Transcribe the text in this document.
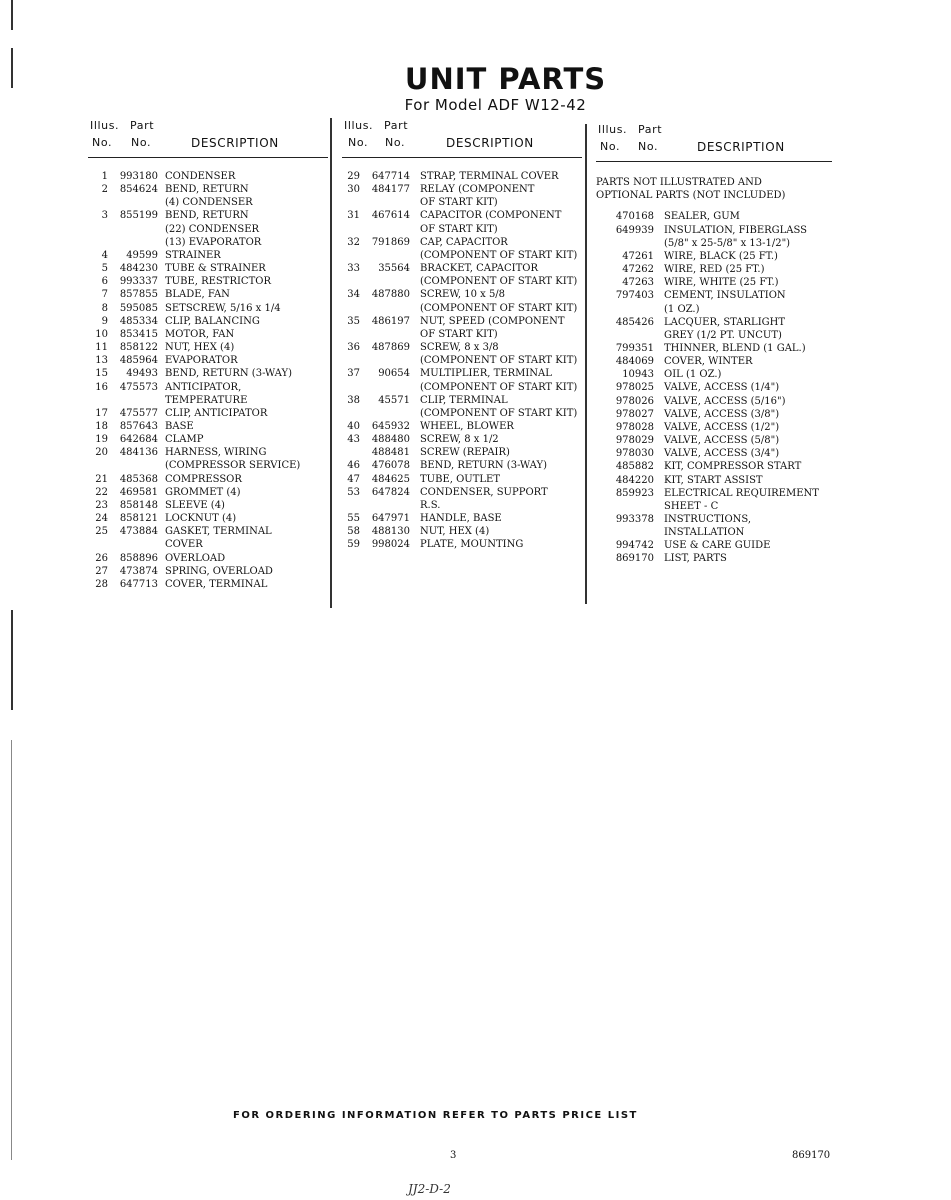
UNIT PARTS
For Model ADF W12-42
Illus. Part
No. No.	DESCRIPTION
1	993180 CONDENSER
2	854624 BEND, RETURN
(4) CONDENSER
3	855199 BEND, RETURN
(22) CONDENSER
(13) EVAPORATOR
4	49599 STRAINER
5	484230 TUBE & STRAINER
6	993337 TUBE, RESTRICTOR
7	857855 BLADE, FAN
8	595085 SETSCREW, 5/16 x 1/4
9	485334 CLIP, BALANCING
10	853415 MOTOR, FAN
11	858122 NUT, HEX (4)
13	485964 EVAPORATOR
15	49493 BEND, RETURN (3-WAY)
16	475573 ANTICIPATOR,
TEMPERATURE
17	475577 CLIP, ANTICIPATOR
18	857643 BASE
19	642684 CLAMP
20	484136 HARNESS, WIRING
(COMPRESSOR SERVICE)
21	485368 COMPRESSOR
22	469581 GROMMET (4)
23	858148 SLEEVE (4)
24	858121 LOCKNUT (4)
25	473884 GASKET, TERMINAL
COVER
26	858896 OVERLOAD
27	473874 SPRING, OVERLOAD
28	647713 COVER, TERMINAL
Illus. Part
No. No.	DESCRIPTION
29	647714 STRAP, TERMINAL COVER
30	484177 RELAY (COMPONENT
OF START KIT)
31	467614 CAPACITOR (COMPONENT
OF START KIT)
32	791869 CAP, CAPACITOR
(COMPONENT OF START KIT)
33	35564 BRACKET, CAPACITOR
(COMPONENT OF START KIT)
34	487880 SCREW, 10 x 5/8
(COMPONENT OF START KIT)
35	486197 NUT, SPEED (COMPONENT
OF START KIT)
36	487869 SCREW, 8 x 3/8
(COMPONENT OF START KIT)
37	90654 MULTIPLIER, TERMINAL
(COMPONENT OF START KIT)
38	45571 CLIP, TERMINAL
(COMPONENT OF START KIT)
40	645932 WHEEL, BLOWER
43	488480 SCREW, 8 x 1/2
488481 SCREW (REPAIR)
46	476078 BEND, RETURN (3-WAY)
47	484625 TUBE, OUTLET
53	647824 CONDENSER, SUPPORT
R.S.
55	647971 HANDLE, BASE
58	488130 NUT, HEX (4)
59	998024 PLATE, MOUNTING
Illus. Part
No. No.	DESCRIPTION
PARTS NOT ILLUSTRATED AND
OPTIONAL PARTS (NOT INCLUDED)
470168 SEALER, GUM
649939 INSULATION, FIBERGLASS
(5/8" x 25-5/8" x 13-1/2")
47261 WIRE, BLACK (25 FT.)
47262 WIRE, RED (25 FT.)
47263 WIRE, WHITE (25 FT.)
797403 CEMENT, INSULATION
(1 OZ.)
485426 LACQUER, STARLIGHT
GREY (1/2 PT. UNCUT)
799351 THINNER, BLEND (1 GAL.)
484069 COVER, WINTER
10943 OIL (1 OZ.)
978025 VALVE, ACCESS (1/4")
978026 VALVE, ACCESS (5/16")
978027 VALVE, ACCESS (3/8")
978028 VALVE, ACCESS (1/2")
978029 VALVE, ACCESS (5/8")
978030 VALVE, ACCESS (3/4")
485882 KIT, COMPRESSOR START
484220 KIT, START ASSIST
859923 ELECTRICAL REQUIREMENT
SHEET - C
993378 INSTRUCTIONS,
INSTALLATION
994742 USE & CARE GUIDE
869170 LIST, PARTS
FOR ORDERING INFORMATION REFER TO PARTS PRICE LIST
3	869170
JJ2-D-2
